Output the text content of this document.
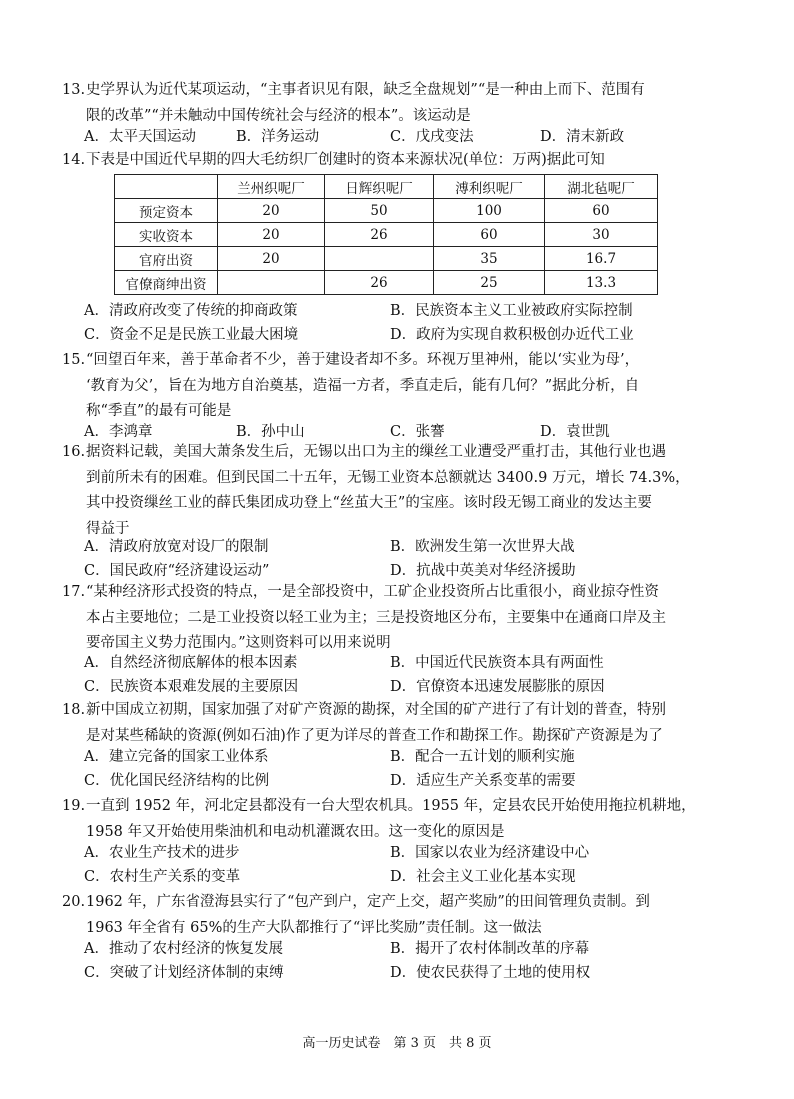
13. 史学界认为近代某项运动，“主事者识见有限，缺乏全盘规划”“是一种由上而下、范围有
限的改革”“并未触动中国传统社会与经济的根本”。该运动是
A．太平天国运动	B．洋务运动	C．戊戌变法	D．清末新政
14. 下表是中国近代早期的四大毛纺织厂创建时的资本来源状况(单位：万两)据此可知
	兰州织呢厂	日辉织呢厂	溥利织呢厂	湖北毡呢厂
预定资本	20	50	100	60
实收资本	20	26	60	30
官府出资	20		35	16.7
官僚商绅出资		26	25	13.3
A．清政府改变了传统的抑商政策	B．民族资本主义工业被政府实际控制
C．资金不足是民族工业最大困境	D．政府为实现自救积极创办近代工业
15. “回望百年来，善于革命者不少，善于建设者却不多。环视万里神州，能以‘实业为母’，
‘教育为父’，旨在为地方自治奠基，造福一方者，季直走后，能有几何？”据此分析，自
称“季直”的最有可能是
A．李鸿章	B．孙中山	C．张謇	D．袁世凯
16. 据资料记载，美国大萧条发生后，无锡以出口为主的缫丝工业遭受严重打击，其他行业也遇
到前所未有的困难。但到民国二十五年，无锡工业资本总额就达 3400.9 万元，增长 74.3%，
其中投资缫丝工业的薛氏集团成功登上“丝茧大王”的宝座。该时段无锡工商业的发达主要
得益于
A．清政府放宽对设厂的限制	B．欧洲发生第一次世界大战
C．国民政府“经济建设运动”	D．抗战中英美对华经济援助
17. “某种经济形式投资的特点，一是全部投资中，工矿企业投资所占比重很小，商业掠夺性资
本占主要地位；二是工业投资以轻工业为主；三是投资地区分布，主要集中在通商口岸及主
要帝国主义势力范围内。”这则资料可以用来说明
A．自然经济彻底解体的根本因素	B．中国近代民族资本具有两面性
C．民族资本艰难发展的主要原因	D．官僚资本迅速发展膨胀的原因
18. 新中国成立初期，国家加强了对矿产资源的勘探，对全国的矿产进行了有计划的普查，特别
是对某些稀缺的资源(例如石油)作了更为详尽的普查工作和勘探工作。勘探矿产资源是为了
A．建立完备的国家工业体系	B．配合一五计划的顺利实施
C．优化国民经济结构的比例	D．适应生产关系变革的需要
19. 一直到 1952 年，河北定县都没有一台大型农机具。1955 年，定县农民开始使用拖拉机耕地，
1958 年又开始使用柴油机和电动机灌溉农田。这一变化的原因是
A．农业生产技术的进步	B．国家以农业为经济建设中心
C．农村生产关系的变革	D．社会主义工业化基本实现
20. 1962 年，广东省澄海县实行了“包产到户，定产上交，超产奖励”的田间管理负责制。到
1963 年全省有 65%的生产大队都推行了“评比奖励”责任制。这一做法
A．推动了农村经济的恢复发展	B．揭开了农村体制改革的序幕
C．突破了计划经济体制的束缚	D．使农民获得了土地的使用权
高一历史试卷　第 3 页　共 8 页
